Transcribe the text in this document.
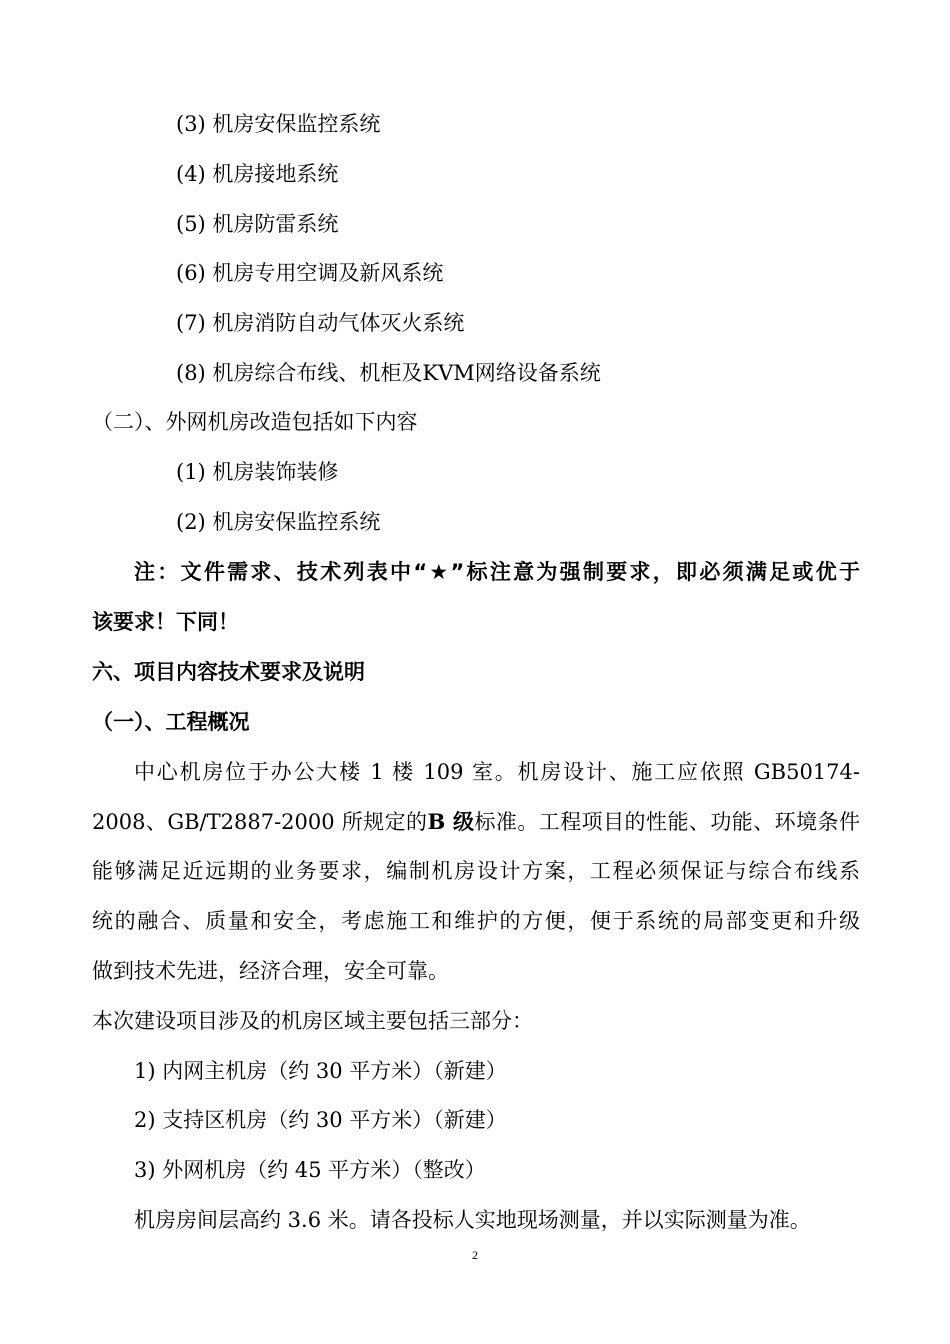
(3) 机房安保监控系统
(4) 机房接地系统
(5) 机房防雷系统
(6) 机房专用空调及新风系统
(7) 机房消防自动气体灭火系统
(8) 机房综合布线、机柜及KVM网络设备系统
（二）、外网机房改造包括如下内容
(1) 机房装饰装修
(2) 机房安保监控系统
注：文件需求、技术列表中“★”标注意为强制要求，即必须满足或优于
该要求！下同！
六、项目内容技术要求及说明
（一）、工程概况
中心机房位于办公大楼 1 楼 109 室。机房设计、施工应依照 GB50174-
2008、GB/T2887-2000 所规定的B 级标准。工程项目的性能、功能、环境条件
能够满足近远期的业务要求，编制机房设计方案，工程必须保证与综合布线系
统的融合、质量和安全，考虑施工和维护的方便，便于系统的局部变更和升级
做到技术先进，经济合理，安全可靠。
本次建设项目涉及的机房区域主要包括三部分：
1) 内网主机房（约 30 平方米）（新建）
2) 支持区机房（约 30 平方米）（新建）
3) 外网机房（约 45 平方米）（整改）
机房房间层高约 3.6 米。请各投标人实地现场测量，并以实际测量为准。
2
